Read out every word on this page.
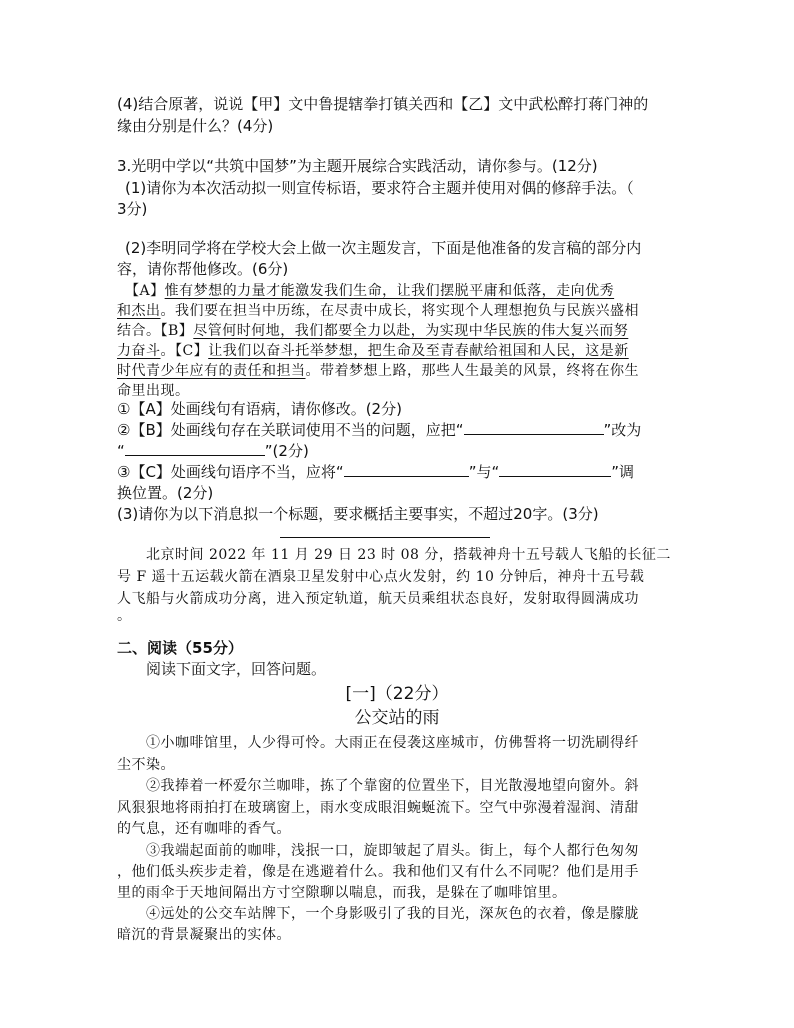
(4)结合原著，说说【甲】文中鲁提辖拳打镇关西和【乙】文中武松醉打蒋门神的
缘由分别是什么？(4分)
3.光明中学以“共筑中国梦”为主题开展综合实践活动，请你参与。(12分)
(1)请你为本次活动拟一则宣传标语，要求符合主题并使用对偶的修辞手法。（
3分)
(2)李明同学将在学校大会上做一次主题发言，下面是他准备的发言稿的部分内
容，请你帮他修改。(6分)
【A】惟有梦想的力量才能激发我们生命，让我们摆脱平庸和低落，走向优秀
和杰出。我们要在担当中历练，在尽责中成长，将实现个人理想抱负与民族兴盛相
结合。【B】尽管何时何地，我们都要全力以赴，为实现中华民族的伟大复兴而努
力奋斗。【C】让我们以奋斗托举梦想，把生命及至青春献给祖国和人民，这是新
时代青少年应有的责任和担当。带着梦想上路，那些人生最美的风景，终将在你生
命里出现。
①【A】处画线句有语病，请你修改。(2分)
②【B】处画线句存在关联词使用不当的问题，应把“	”改为
“	”(2分)
③【C】处画线句语序不当，应将“	”与“	”调
换位置。(2分)
(3)请你为以下消息拟一个标题，要求概括主要事实，不超过20字。(3分)
北京时间 2022 年 11 月 29 日 23 时 08 分，搭载神舟十五号载人飞船的长征二
号 F 遥十五运载火箭在酒泉卫星发射中心点火发射，约 10 分钟后，神舟十五号载
人飞船与火箭成功分离，进入预定轨道，航天员乘组状态良好，发射取得圆满成功
。
二、阅读（55分）
阅读下面文字，回答问题。
[一]（22分）
公交站的雨
①小咖啡馆里，人少得可怜。大雨正在侵袭这座城市，仿佛誓将一切洗刷得纤
尘不染。
②我捧着一杯爱尔兰咖啡，拣了个靠窗的位置坐下，目光散漫地望向窗外。斜
风狠狠地将雨拍打在玻璃窗上，雨水变成眼泪蜿蜒流下。空气中弥漫着湿润、清甜
的气息，还有咖啡的香气。
③我端起面前的咖啡，浅抿一口，旋即皱起了眉头。街上，每个人都行色匆匆
，他们低头疾步走着，像是在逃避着什么。我和他们又有什么不同呢？他们是用手
里的雨伞于天地间隔出方寸空隙聊以喘息，而我，是躲在了咖啡馆里。
④远处的公交车站牌下，一个身影吸引了我的目光，深灰色的衣着，像是朦胧
暗沉的背景凝聚出的实体。
